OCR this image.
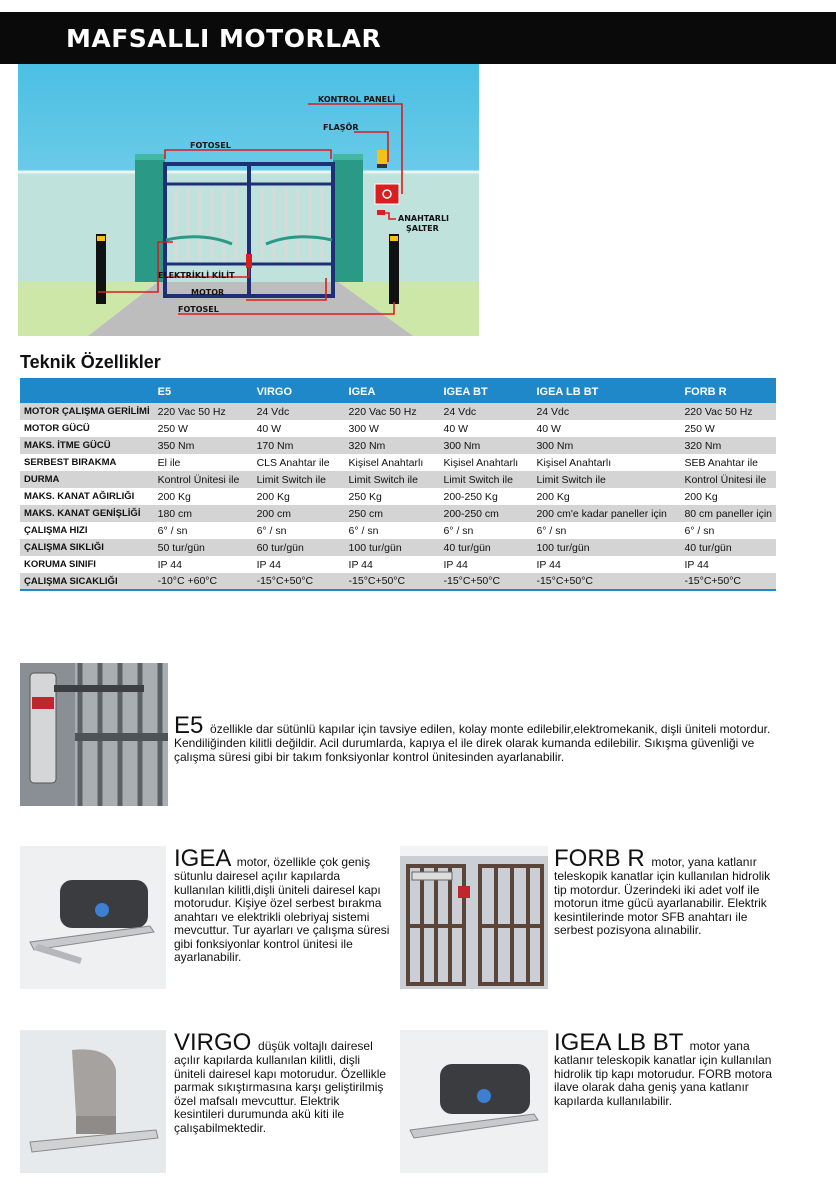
MAFSALLI MOTORLAR
KONTROL PANELİ
FLAŞÖR
FOTOSEL
ANAHTARLI
ŞALTER
ELEKTRİKLİ KİLİT
MOTOR
FOTOSEL
Teknik Özellikler
	E5	VIRGO	IGEA	IGEA BT	IGEA LB BT	FORB R
MOTOR ÇALIŞMA GERİLİMİ	220 Vac 50 Hz	24 Vdc	220 Vac 50 Hz	24 Vdc	24 Vdc	220 Vac 50 Hz
MOTOR GÜCÜ	250 W	40 W	300 W	40 W	40 W	250 W
MAKS. İTME GÜCÜ	350 Nm	170 Nm	320 Nm	300 Nm	300 Nm	320 Nm
SERBEST BIRAKMA	El ile	CLS Anahtar ile	Kişisel Anahtarlı	Kişisel Anahtarlı	Kişisel Anahtarlı	SEB Anahtar ile
DURMA	Kontrol Ünitesi ile	Limit Switch ile	Limit Switch ile	Limit Switch ile	Limit Switch ile	Kontrol Ünitesi ile
MAKS. KANAT AĞIRLIĞI	200 Kg	200 Kg	250 Kg	200-250 Kg	200 Kg	200 Kg
MAKS. KANAT GENİŞLİĞİ	180 cm	200 cm	250 cm	200-250 cm	200 cm'e kadar paneller için	80 cm paneller için
ÇALIŞMA HIZI	6° / sn	6° / sn	6° / sn	6° / sn	6° / sn	6° / sn
ÇALIŞMA SIKLIĞI	50 tur/gün	60 tur/gün	100 tur/gün	40 tur/gün	100 tur/gün	40 tur/gün
KORUMA SINIFI	IP 44	IP 44	IP 44	IP 44	IP 44	IP 44
ÇALIŞMA SICAKLIĞI	-10°C +60°C	-15°C+50°C	-15°C+50°C	-15°C+50°C	-15°C+50°C	-15°C+50°C
E5 özellikle dar sütünlü kapılar için tavsiye edilen, kolay monte edilebilir,elektromekanik, dişli üniteli motordur. Kendiliğinden kilitli değildir. Acil durumlarda, kapıya el ile direk olarak kumanda edilebilir. Sıkışma güvenliği ve çalışma süresi gibi bir takım fonksiyonlar kontrol ünitesinden ayarlanabilir.
IGEA motor, özellikle çok geniş sütunlu dairesel açılır kapılarda kullanılan kilitli,dişli üniteli dairesel kapı motorudur. Kişiye özel serbest bırakma anahtarı ve elektrikli olebriyaj sistemi mevcuttur. Tur ayarları ve çalışma süresi gibi fonksiyonlar kontrol ünitesi ile ayarlanabilir.
FORB R motor, yana katlanır teleskopik kanatlar için kullanılan hidrolik tip motordur. Üzerindeki iki adet volf ile motorun itme gücü ayarlanabilir. Elektrik kesintilerinde motor SFB anahtarı ile serbest pozisyona alınabilir.
VIRGO düşük voltajlı dairesel açılır kapılarda kullanılan kilitli, dişli üniteli dairesel kapı motorudur. Özellikle parmak sıkıştırmasına karşı geliştirilmiş özel mafsalı mevcuttur. Elektrik kesintileri durumunda akü kiti ile çalışabilmektedir.
IGEA LB BT motor yana katlanır teleskopik kanatlar için kullanılan hidrolik tip kapı motorudur. FORB motora ilave olarak daha geniş yana katlanır kapılarda kullanılabilir.
